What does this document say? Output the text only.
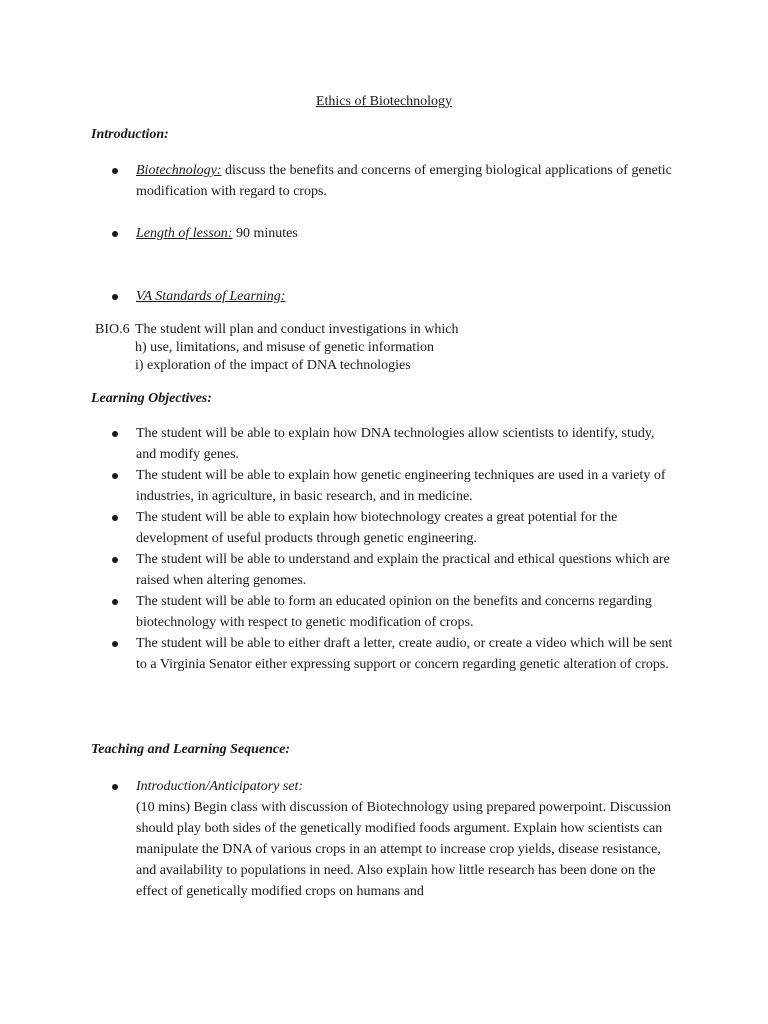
Ethics of Biotechnology
Introduction:
Biotechnology: discuss the benefits and concerns of emerging biological applications of genetic modification with regard to crops.
Length of lesson: 90 minutes
VA Standards of Learning:
BIO.6 The student will plan and conduct investigations in which
h) use, limitations, and misuse of genetic information
i) exploration of the impact of DNA technologies
Learning Objectives:
The student will be able to explain how DNA technologies allow scientists to identify, study, and modify genes.
The student will be able to explain how genetic engineering techniques are used in a variety of industries, in agriculture, in basic research, and in medicine.
The student will be able to explain how biotechnology creates a great potential for the development of useful products through genetic engineering.
The student will be able to understand and explain the practical and ethical questions which are raised when altering genomes.
The student will be able to form an educated opinion on the benefits and concerns regarding biotechnology with respect to genetic modification of crops.
The student will be able to either draft a letter, create audio, or create a video which will be sent to a Virginia Senator either expressing support or concern regarding genetic alteration of crops.
Teaching and Learning Sequence:
Introduction/Anticipatory set:
(10 mins) Begin class with discussion of Biotechnology using prepared powerpoint. Discussion should play both sides of the genetically modified foods argument. Explain how scientists can manipulate the DNA of various crops in an attempt to increase crop yields, disease resistance, and availability to populations in need. Also explain how little research has been done on the effect of genetically modified crops on humans and
